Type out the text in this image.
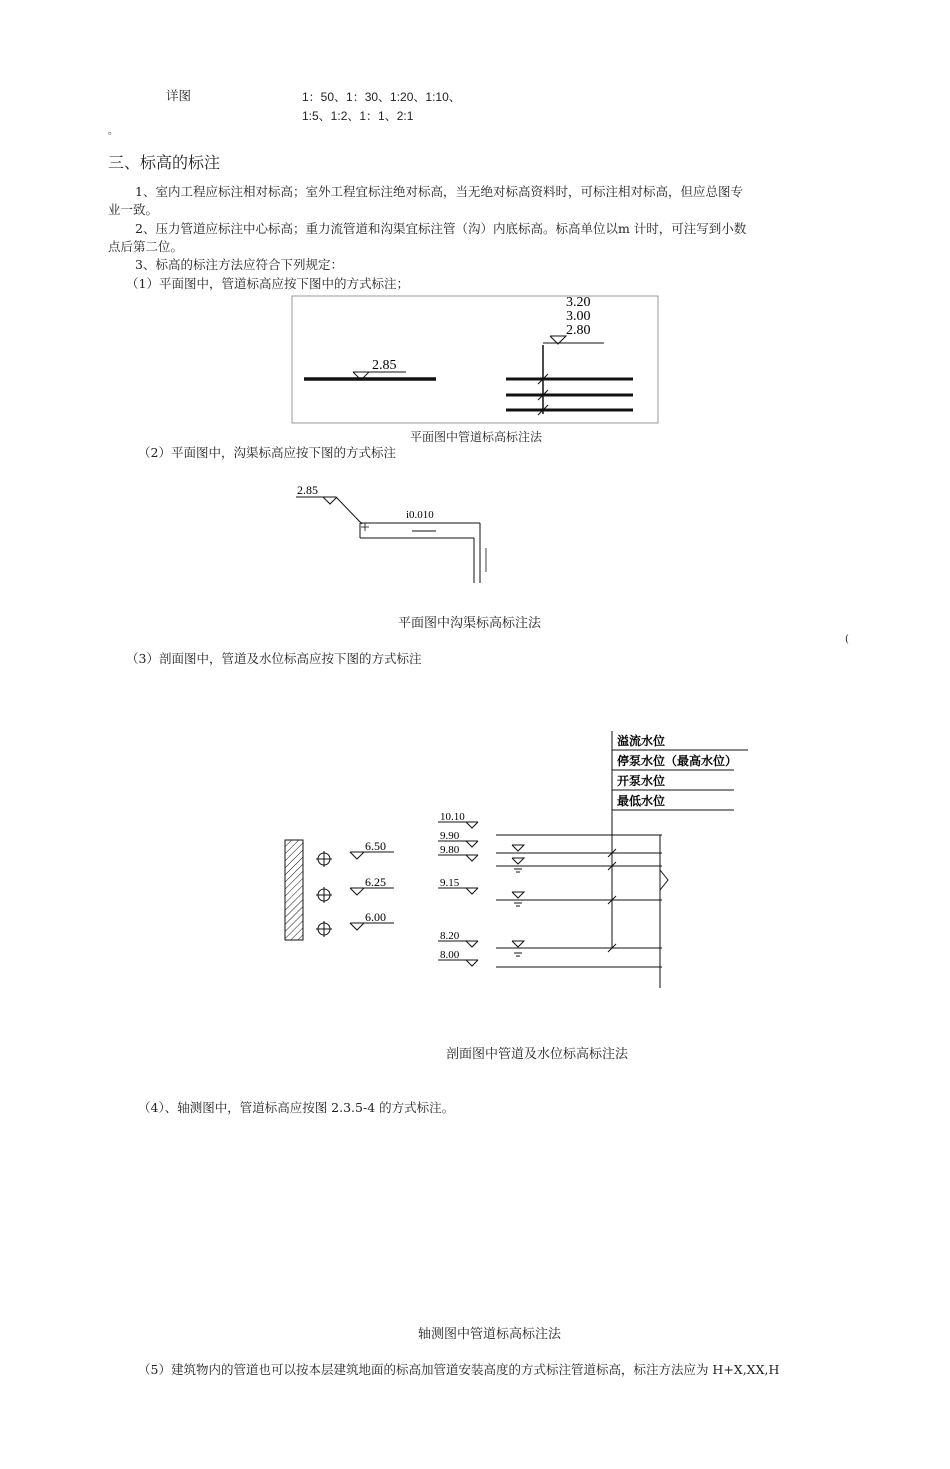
详图	1：50、1：30、1:20、1:10、
1:5、1:2、1：1、2:1
。
三、标高的标注
1、室内工程应标注相对标高；室外工程宜标注绝对标高，当无绝对标高资料时，可标注相对标高，但应总图专
业一致。
2、压力管道应标注中心标高；重力流管道和沟渠宜标注管（沟）内底标高。标高单位以m 计时，可注写到小数
点后第二位。
3、标高的标注方法应符合下列规定：
（1）平面图中，管道标高应按下图中的方式标注；
2.85
3.20
3.00
2.80
平面图中管道标高标注法
（2）平面图中，沟渠标高应按下图的方式标注
2.85
i0.010
平面图中沟渠标高标注法
(
（3）剖面图中，管道及水位标高应按下图的方式标注
6.50
6.25
6.00
10.10
9.90
9.80
9.15
8.20
8.00
溢流水位
停泵水位（最高水位）
开泵水位
最低水位
剖面图中管道及水位标高标注法
（4）、轴测图中，管道标高应按图 2.3.5-4 的方式标注。
轴测图中管道标高标注法
（5）建筑物内的管道也可以按本层建筑地面的标高加管道安装高度的方式标注管道标高，标注方法应为 H+X,XX,H
